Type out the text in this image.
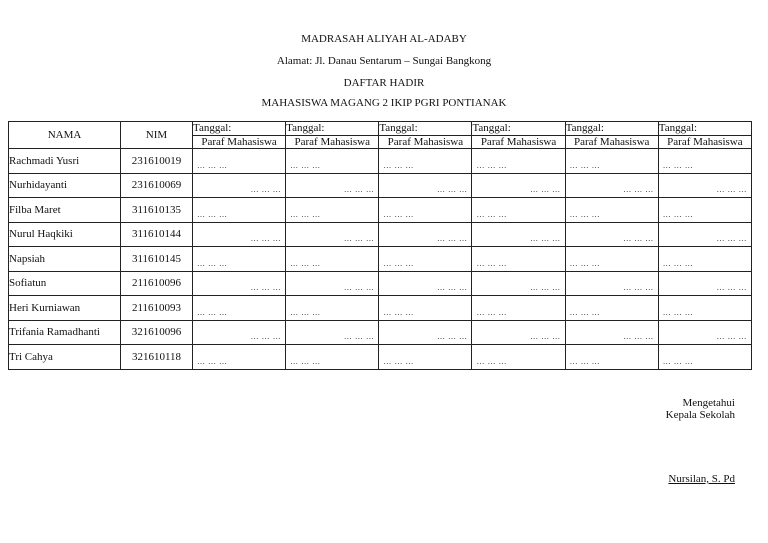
MADRASAH ALIYAH AL-ADABY
Alamat: Jl. Danau Sentarum – Sungai Bangkong
DAFTAR HADIR
MAHASISWA MAGANG 2 IKIP PGRI PONTIANAK
NAMA	NIM	Tanggal:	Tanggal:	Tanggal:	Tanggal:	Tanggal:	Tanggal:
		Paraf Mahasiswa	Paraf Mahasiswa	Paraf Mahasiswa	Paraf Mahasiswa	Paraf Mahasiswa	Paraf Mahasiswa
Rachmadi Yusri	231610019	… … …	… … …	… … …	… … …	… … …	… … …

Nurhidayanti	231610069	… … …	… … …	… … …	… … …	… … …	… … …

Filba Maret	311610135	… … …	… … …	… … …	… … …	… … …	… … …

Nurul Haqkiki	311610144	… … …	… … …	… … …	… … …	… … …	… … …

Napsiah	311610145	… … …	… … …	… … …	… … …	… … …	… … …

Sofiatun	211610096	… … …	… … …	… … …	… … …	… … …	… … …

Heri Kurniawan	211610093	… … …	… … …	… … …	… … …	… … …	… … …

Trifania Ramadhanti	321610096	… … …	… … …	… … …	… … …	… … …	… … …

Tri Cahya	321610118	… … …	… … …	… … …	… … …	… … …	… … …
Mengetahui
Kepala Sekolah
Nursilan, S. Pd
